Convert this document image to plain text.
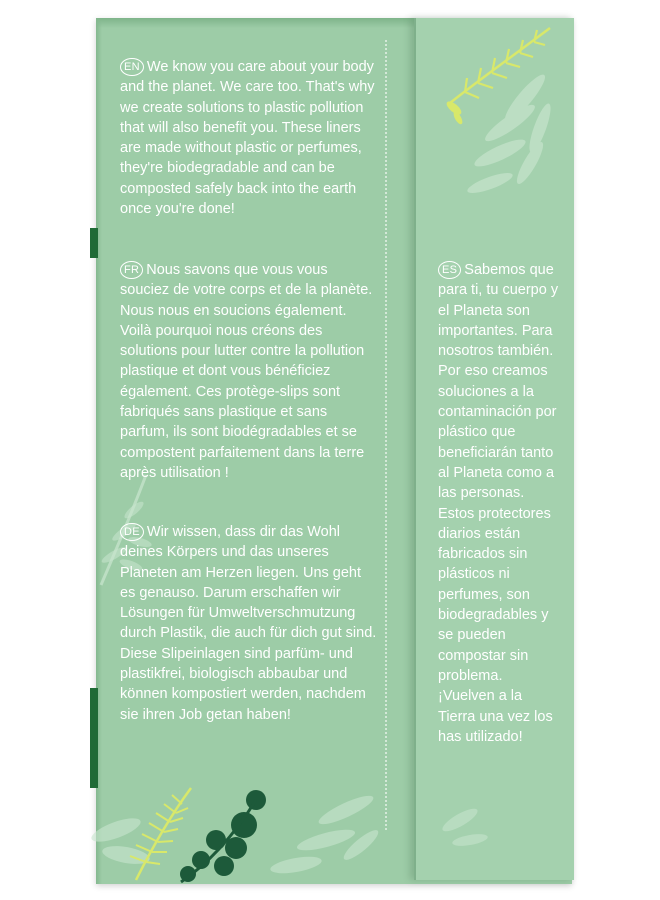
EN We know you care about your body and the planet. We care too. That's why we create solutions to plastic pollution that will also benefit you. These liners are made without plastic or perfumes, they're biodegradable and can be composted safely back into the earth once you're done!
FR Nous savons que vous vous souciez de votre corps et de la planète. Nous nous en soucions également. Voilà pourquoi nous créons des solutions pour lutter contre la pollution plastique et dont vous bénéficiez également. Ces protège-slips sont fabriqués sans plastique et sans parfum, ils sont biodégradables et se compostent parfaitement dans la terre après utilisation !
DE Wir wissen, dass dir das Wohl deines Körpers und das unseres Planeten am Herzen liegen. Uns geht es genauso. Darum erschaffen wir Lösungen für Umweltverschmutzung durch Plastik, die auch für dich gut sind. Diese Slipeinlagen sind parfüm- und plastikfrei, biologisch abbaubar und können kompostiert werden, nachdem sie ihren Job getan haben!
ES Sabemos que para ti, tu cuerpo y el Planeta son importantes. Para nosotros también. Por eso creamos soluciones a la contaminación por plástico que beneficiarán tanto al Planeta como a las personas. Estos protectores diarios están fabricados sin plásticos ni perfumes, son biodegradables y se pueden compostar sin problema. ¡Vuelven a la Tierra una vez los has utilizado!
